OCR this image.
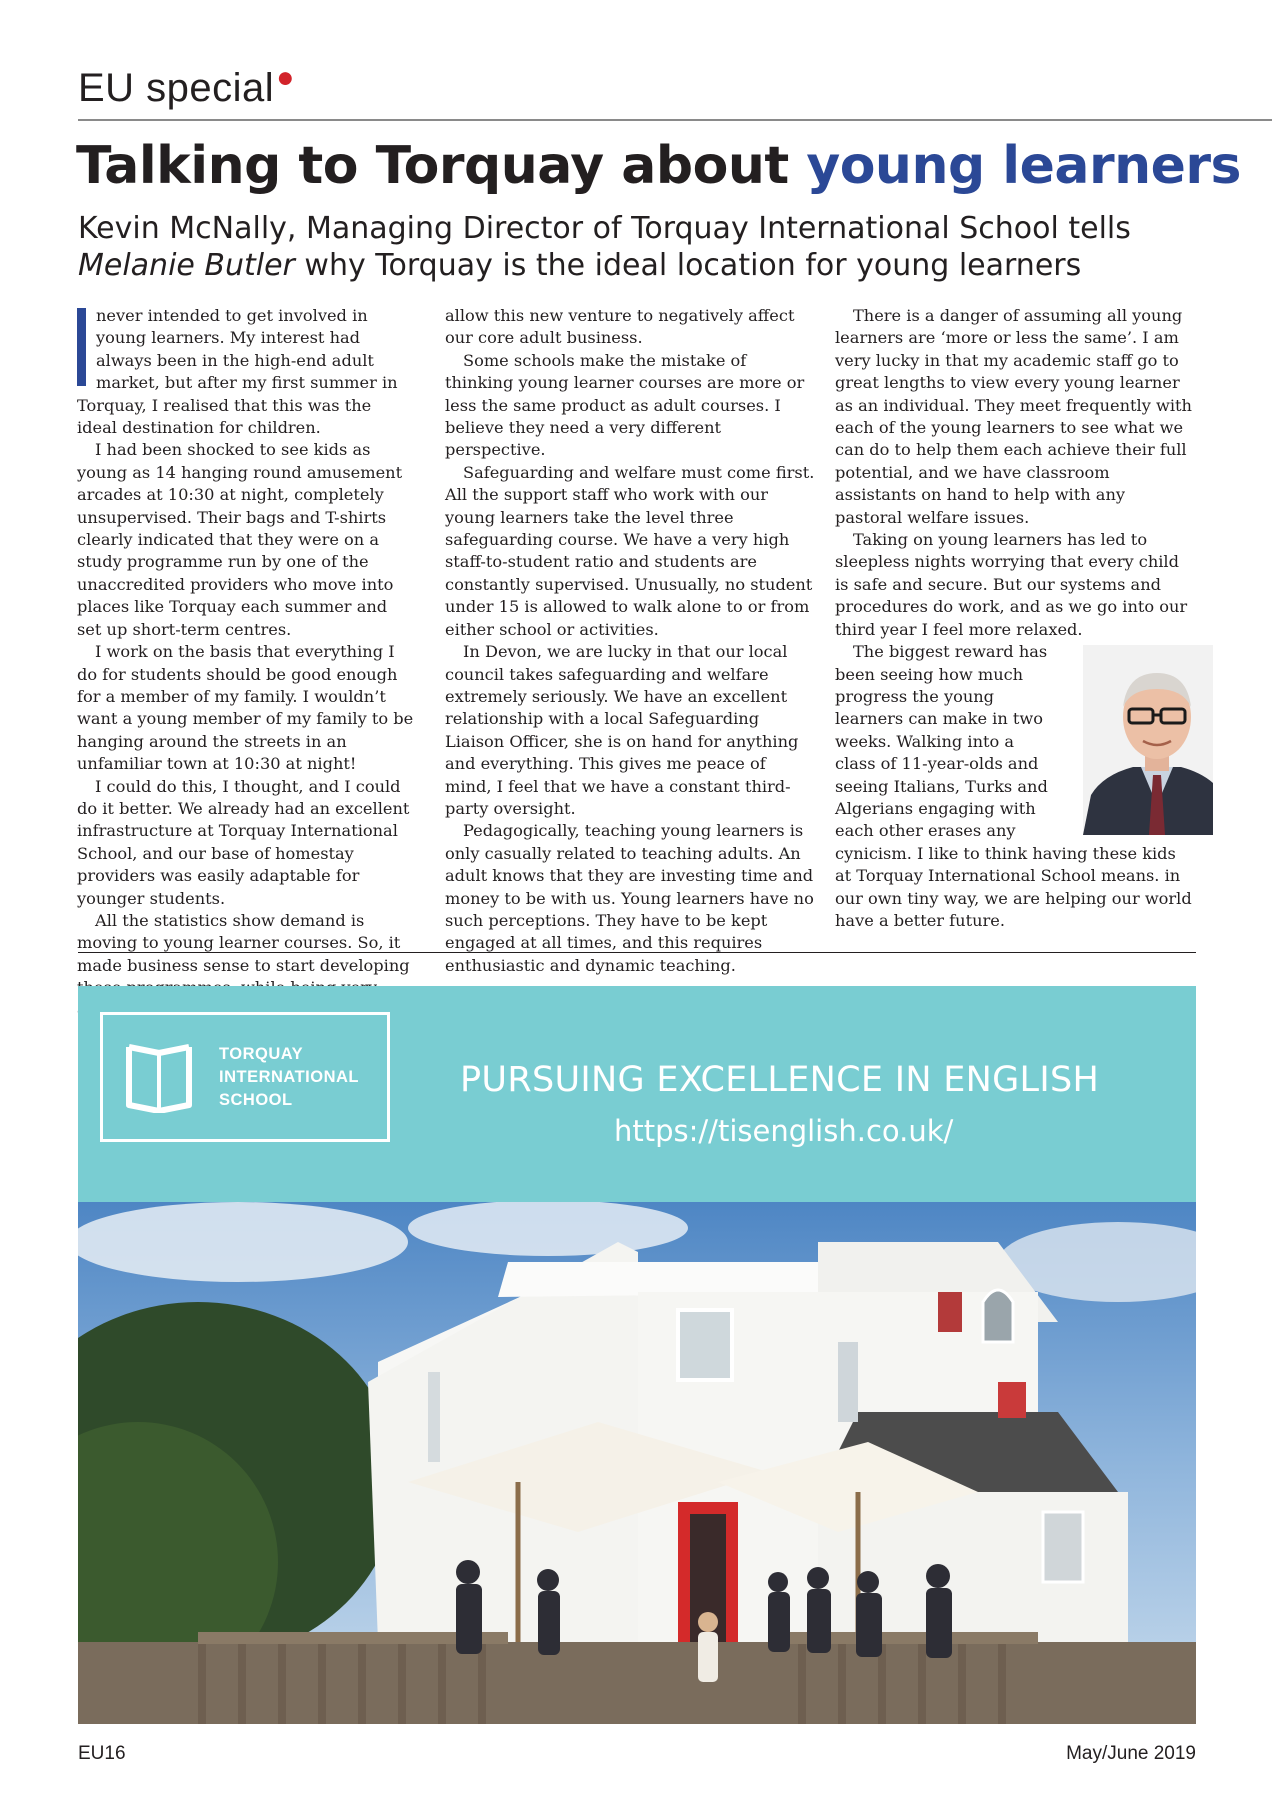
EU special●
Talking to Torquay about young learners
Kevin McNally, Managing Director of Torquay International School tells
Melanie Butler why Torquay is the ideal location for young learners

never intended to get involved in young learners. My interest had always been in the high-end adult market, but after my first summer in Torquay, I realised that this was the ideal destination for children.

I had been shocked to see kids as young as 14 hanging round amusement arcades at 10:30 at night, completely unsupervised. Their bags and T-shirts clearly indicated that they were on a study programme run by one of the unaccredited providers who move into places like Torquay each summer and set up short-term centres.

I work on the basis that everything I do for students should be good enough for a member of my family. I wouldn’t want a young member of my family to be hanging around the streets in an unfamiliar town at 10:30 at night!

I could do this, I thought, and I could do it better. We already had an excellent infrastructure at Torquay International School, and our base of homestay providers was easily adaptable for younger students.

All the statistics show demand is moving to young learner courses. So, it made business sense to start developing

allow this new venture to negatively affect our core adult business.

Some schools make the mistake of thinking young learner courses are more or less the same product as adult courses. I believe they need a very different perspective.

Safeguarding and welfare must come first. All the support staff who work with our young learners take the level three safeguarding course. We have a very high staff-to-student ratio and students are constantly supervised. Unusually, no student under 15 is allowed to walk alone to or from either school or activities.

In Devon, we are lucky in that our local council takes safeguarding and welfare extremely seriously. We have an excellent relationship with a local Safeguarding Liaison Officer, she is on hand for anything and everything. This gives me peace of mind, I feel that we have a constant third-party oversight.

Pedagogically, teaching young learners is only casually related to teaching adults. An adult knows that they are investing time and money to be with us. Young learners have no such perceptions. They have to be kept engaged at all times, and this requires enthusiastic and dynamic teaching.

There is a danger of assuming all young learners are ‘more or less the same’. I am very lucky in that my academic staff go to great lengths to view every young learner as an individual. They meet frequently with each of the young learners to see what we can do to help them each achieve their full potential, and we have classroom assistants on hand to help with any pastoral welfare issues.

Taking on young learners has led to sleepless nights worrying that every child is safe and secure. But our systems and procedures do work, and as we go into our third year I feel more relaxed.

The biggest reward has been seeing how much progress the young learners can make in two weeks. Walking into a class of 11-year-olds and seeing Italians, Turks and Algerians engaging with each other erases any cynicism. I like to think having these kids at Torquay International School means. in our own tiny way, we are helping our world have a better future.

TORQUAY
INTERNATIONAL
SCHOOL	PURSUING EXCELLENCE IN ENGLISH
https://tisenglish.co.uk/
EU16	May/June 2019
